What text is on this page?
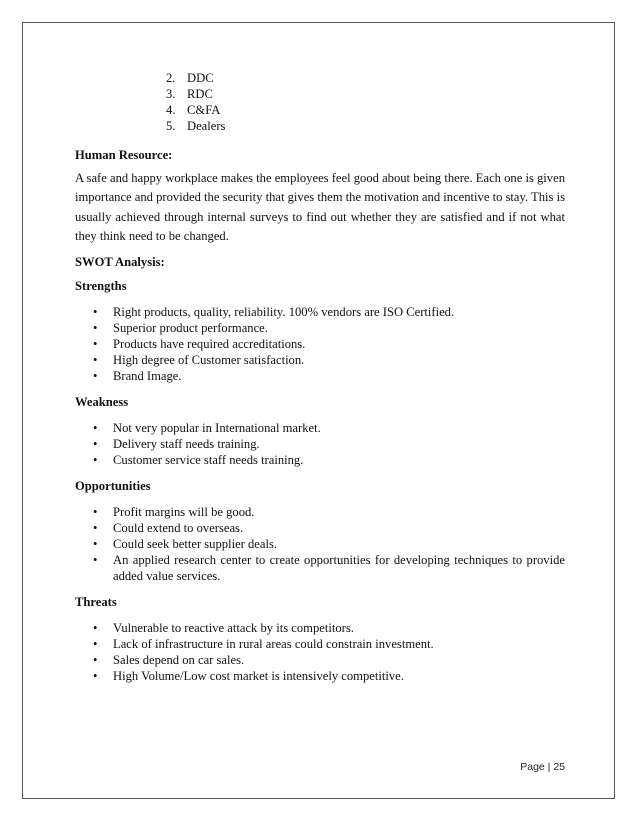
2. DDC
3. RDC
4. C&FA
5. Dealers
Human Resource:

A safe and happy workplace makes the employees feel good about being there. Each one is given importance and provided the security that gives them the motivation and incentive to stay. This is usually achieved through internal surveys to find out whether they are satisfied and if not what they think need to be changed.

SWOT Analysis:
Strengths
• Right products, quality, reliability. 100% vendors are ISO Certified.
• Superior product performance.
• Products have required accreditations.
• High degree of Customer satisfaction.
• Brand Image.
Weakness
• Not very popular in International market.
• Delivery staff needs training.
• Customer service staff needs training.
Opportunities
• Profit margins will be good.
• Could extend to overseas.
• Could seek better supplier deals.
• An applied research center to create opportunities for developing techniques to provide added value services.
Threats
• Vulnerable to reactive attack by its competitors.
• Lack of infrastructure in rural areas could constrain investment.
• Sales depend on car sales.
• High Volume/Low cost market is intensively competitive.
Page | 25
